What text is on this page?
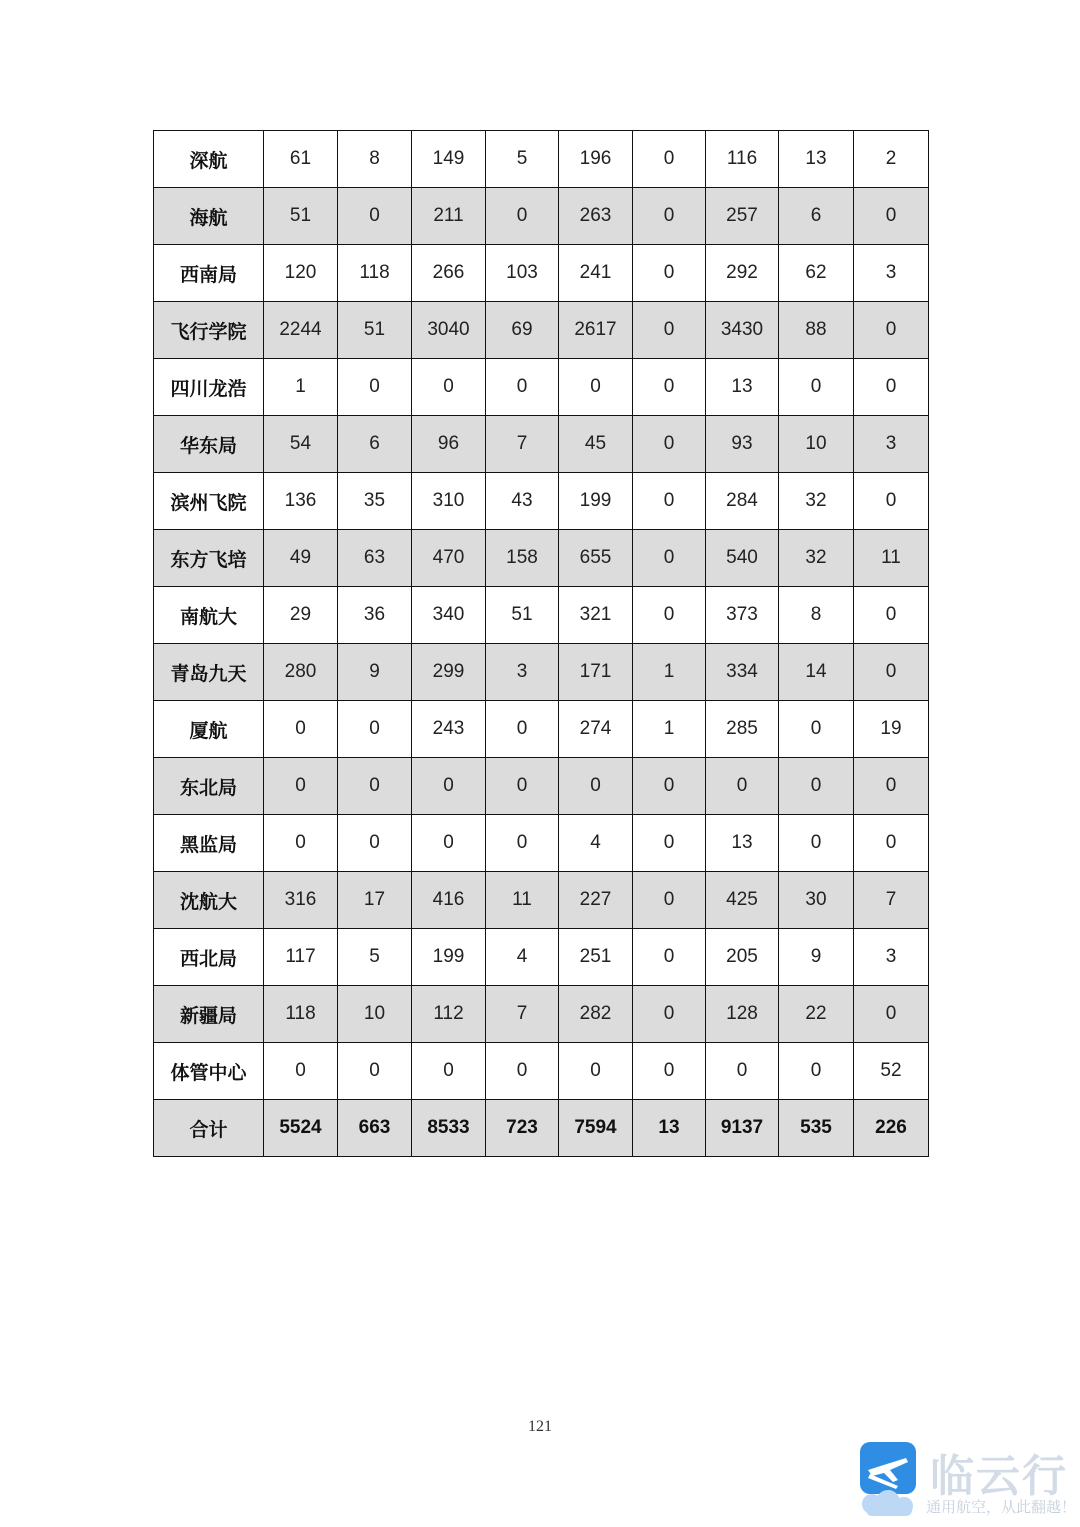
深航	61	8	149	5	196	0	116	13	2
海航	51	0	211	0	263	0	257	6	0
西南局	120	118	266	103	241	0	292	62	3
飞行学院	2244	51	3040	69	2617	0	3430	88	0
四川龙浩	1	0	0	0	0	0	13	0	0
华东局	54	6	96	7	45	0	93	10	3
滨州飞院	136	35	310	43	199	0	284	32	0
东方飞培	49	63	470	158	655	0	540	32	11
南航大	29	36	340	51	321	0	373	8	0
青岛九天	280	9	299	3	171	1	334	14	0
厦航	0	0	243	0	274	1	285	0	19
东北局	0	0	0	0	0	0	0	0	0
黑监局	0	0	0	0	4	0	13	0	0
沈航大	316	17	416	11	227	0	425	30	7
西北局	117	5	199	4	251	0	205	9	3
新疆局	118	10	112	7	282	0	128	22	0
体管中心	0	0	0	0	0	0	0	0	52
合计	5524	663	8533	723	7594	13	9137	535	226
121
临云行
通用航空，从此翻越！
